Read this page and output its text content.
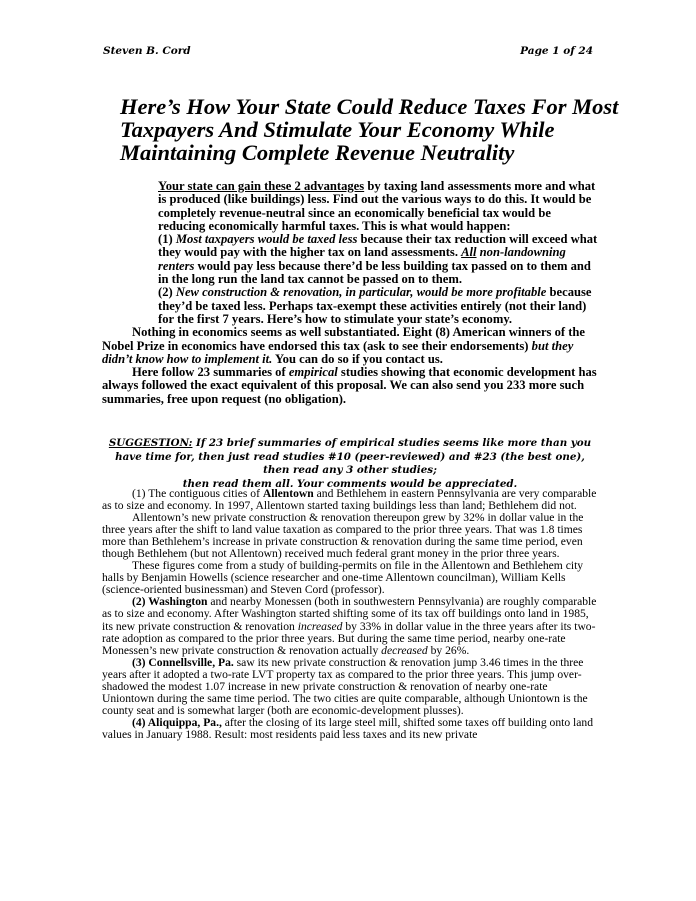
Steven B. Cord	Page 1 of 24
Here’s How Your State Could Reduce Taxes For Most Taxpayers And Stimulate Your Economy While Maintaining Complete Revenue Neutrality

Your state can gain these 2 advantages by taxing land assessments more and what is produced (like buildings) less. Find out the various ways to do this. It would be completely revenue-neutral since an economically beneficial tax would be reducing economically harmful taxes. This is what would happen:

(1) Most taxpayers would be taxed less because their tax reduction will exceed what they would pay with the higher tax on land assessments. All non-landowning renters would pay less because there’d be less building tax passed on to them and in the long run the land tax cannot be passed on to them.

(2) New construction & renovation, in particular, would be more profitable because they’d be taxed less. Perhaps tax-exempt these activities entirely (not their land) for the first 7 years. Here’s how to stimulate your state’s economy.

Nothing in economics seems as well substantiated. Eight (8) American winners of the Nobel Prize in economics have endorsed this tax (ask to see their endorsements) but they didn’t know how to implement it. You can do so if you contact us.

Here follow 23 summaries of empirical studies showing that economic development has always followed the exact equivalent of this proposal. We can also send you 233 more such summaries, free upon request (no obligation).

SUGGESTION: If 23 brief summaries of empirical studies seems like more than you have time for, then just read studies #10 (peer-reviewed) and #23 (the best one), then read any 3 other studies;
then read them all. Your comments would be appreciated.

(1) The contiguous cities of Allentown and Bethlehem in eastern Pennsylvania are very comparable as to size and economy. In 1997, Allentown started taxing buildings less than land; Bethlehem did not.

Allentown’s new private construction & renovation thereupon grew by 32% in dollar value in the three years after the shift to land value taxation as compared to the prior three years. That was 1.8 times more than Bethlehem’s increase in private construction & renovation during the same time period, even though Bethlehem (but not Allentown) received much federal grant money in the prior three years.

These figures come from a study of building-permits on file in the Allentown and Bethlehem city halls by Benjamin Howells (science researcher and one-time Allentown councilman), William Kells (science-oriented businessman) and Steven Cord (professor).

(2) Washington and nearby Monessen (both in southwestern Pennsylvania) are roughly comparable as to size and economy. After Washington started shifting some of its tax off buildings onto land in 1985, its new private construction & renovation increased by 33% in dollar value in the three years after its two-rate adoption as compared to the prior three years. But during the same time period, nearby one-rate Monessen’s new private construction & renovation actually decreased by 26%.

(3) Connellsville, Pa. saw its new private construction & renovation jump 3.46 times in the three years after it adopted a two-rate LVT property tax as compared to the prior three years. This jump over-shadowed the modest 1.07 increase in new private construction & renovation of nearby one-rate Uniontown during the same time period. The two cities are quite comparable, although Uniontown is the county seat and is somewhat larger (both are economic-development plusses).

(4) Aliquippa, Pa., after the closing of its large steel mill, shifted some taxes off building onto land values in January 1988. Result: most residents paid less taxes and its new private
